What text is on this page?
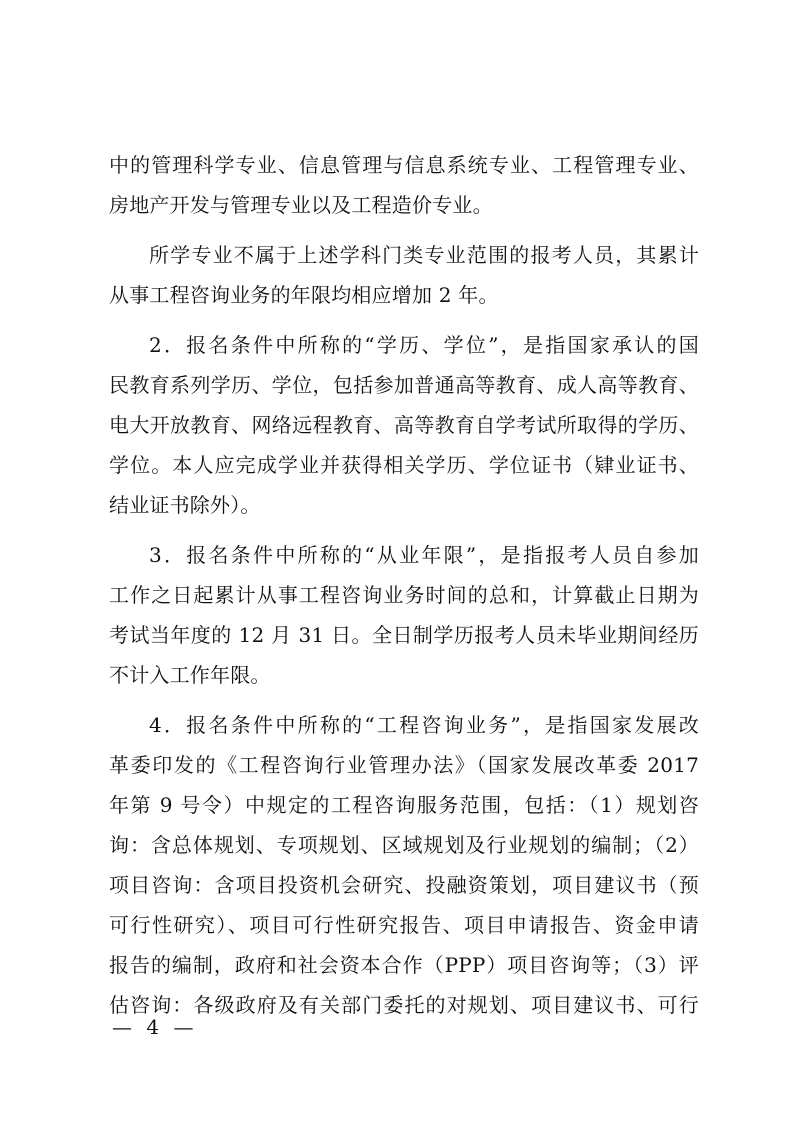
中的管理科学专业、信息管理与信息系统专业、工程管理专业、
房地产开发与管理专业以及工程造价专业。
所学专业不属于上述学科门类专业范围的报考人员，其累计
从事工程咨询业务的年限均相应增加 2 年。
2．报名条件中所称的“学历、学位”，是指国家承认的国
民教育系列学历、学位，包括参加普通高等教育、成人高等教育、
电大开放教育、网络远程教育、高等教育自学考试所取得的学历、
学位。本人应完成学业并获得相关学历、学位证书（肄业证书、
结业证书除外）。
3．报名条件中所称的“从业年限”，是指报考人员自参加
工作之日起累计从事工程咨询业务时间的总和，计算截止日期为
考试当年度的 12 月 31 日。全日制学历报考人员未毕业期间经历
不计入工作年限。
4．报名条件中所称的“工程咨询业务”，是指国家发展改
革委印发的《工程咨询行业管理办法》（国家发展改革委 2017
年第 9 号令）中规定的工程咨询服务范围，包括：（1）规划咨
询：含总体规划、专项规划、区域规划及行业规划的编制；（2）
项目咨询：含项目投资机会研究、投融资策划，项目建议书（预
可行性研究）、项目可行性研究报告、项目申请报告、资金申请
报告的编制，政府和社会资本合作（PPP）项目咨询等；（3）评
估咨询：各级政府及有关部门委托的对规划、项目建议书、可行
— 4 —
